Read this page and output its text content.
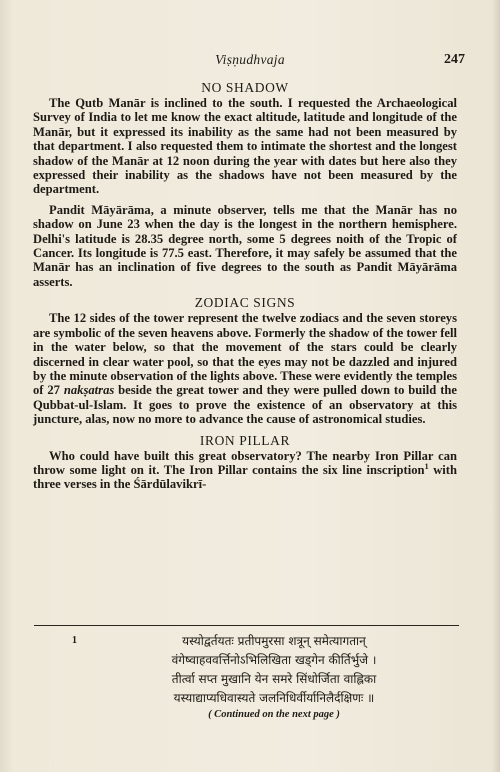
Viṣṇudhvaja	247
NO SHADOW

The Qutb Manār is inclined to the south. I requested the Archaeological Survey of India to let me know the exact altitude, latitude and longitude of the Manār, but it expressed its inability as the same had not been measured by that department. I also requested them to intimate the shortest and the longest shadow of the Manār at 12 noon during the year with dates but here also they expressed their inability as the shadows have not been measured by the department.

Pandit Māyārāma, a minute observer, tells me that the Manār has no shadow on June 23 when the day is the longest in the northern hemisphere. Delhi's latitude is 28.35 degree north, some 5 degrees noith of the Tropic of Cancer. Its longitude is 77.5 east. Therefore, it may safely be assumed that the Manār has an inclination of five degrees to the south as Pandit Māyārāma asserts.

ZODIAC SIGNS

The 12 sides of the tower represent the twelve zodiacs and the seven storeys are symbolic of the seven heavens above. Formerly the shadow of the tower fell in the water below, so that the movement of the stars could be clearly discerned in clear water pool, so that the eyes may not be dazzled and injured by the minute observation of the lights above. These were evidently the temples of 27 nakṣatras beside the great tower and they were pulled down to build the Qubbat-ul-Islam. It goes to prove the existence of an observatory at this juncture, alas, now no more to advance the cause of astronomical studies.

IRON PILLAR

Who could have built this great observatory? The nearby Iron Pillar can throw some light on it. The Iron Pillar contains the six line inscription$^1$ with three verses in the Śārdūlavikrī-

1	यस्योद्वर्तयतः प्रतीपमुरसा शत्रून् समेत्यागतान्
वंगेष्वाहववर्त्तिनोऽभिलिखिता खड्गेन कीर्तिर्भुजे ।
तीर्त्वा सप्त मुखानि येन समरे सिंधोर्जिता वाह्लिका
यस्याद्याप्यधिवास्यते जलनिधिर्वीर्यानिलैर्दक्षिणः ॥
( Continued on the next page )
